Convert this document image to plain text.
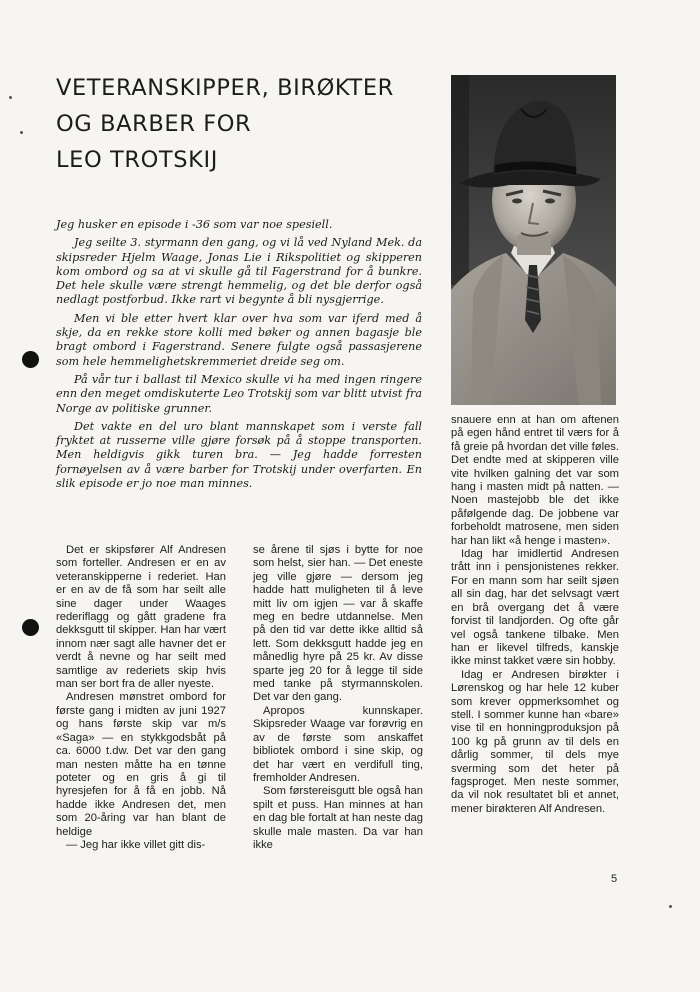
VETERANSKIPPER, BIRØKTER
OG BARBER FOR
LEO TROTSKIJ

Jeg husker en episode i -36 som var noe spesiell.

Jeg seilte 3. styrmann den gang, og vi lå ved Nyland Mek. da skipsreder Hjelm Waage, Jonas Lie i Rikspolitiet og skipperen kom ombord og sa at vi skulle gå til Fagerstrand for å bunkre. Det hele skulle være strengt hemmelig, og det ble derfor også nedlagt postforbud. Ikke rart vi begynte å bli nysgjerrige.

Men vi ble etter hvert klar over hva som var iferd med å skje, da en rekke store kolli med bøker og annen bagasje ble bragt ombord i Fagerstrand. Senere fulgte også passasjerene som hele hemmelighetskremmeriet dreide seg om.

På vår tur i ballast til Mexico skulle vi ha med ingen ringere enn den meget omdiskuterte Leo Trotskij som var blitt utvist fra Norge av politiske grunner.

Det vakte en del uro blant mannskapet som i verste fall fryktet at russerne ville gjøre forsøk på å stoppe transporten. Men heldigvis gikk turen bra. — Jeg hadde forresten fornøyelsen av å være barber for Trotskij under overfarten. En slik episode er jo noe man minnes.

Det er skipsfører Alf Andresen som forteller. Andresen er en av veteranskipperne i rederiet. Han er en av de få som har seilt alle sine dager under Waages rederiflagg og gått gradene fra dekksgutt til skipper. Han har vært innom nær sagt alle havner det er verdt å nevne og har seilt med samtlige av rederiets skip hvis man ser bort fra de aller nyeste.

Andresen mønstret ombord for første gang i midten av juni 1927 og hans første skip var m/s «Saga» — en stykkgodsbåt på ca. 6000 t.dw. Det var den gang man nesten måtte ha en tønne poteter og en gris å gi til hyresjefen for å få en jobb. Nå hadde ikke Andresen det, men som 20-åring var han blant de heldige

— Jeg har ikke villet gitt dis-

se årene til sjøs i bytte for noe som helst, sier han. — Det eneste jeg ville gjøre — dersom jeg hadde hatt muligheten til å leve mitt liv om igjen — var å skaffe meg en bedre utdannelse. Men på den tid var dette ikke alltid så lett. Som dekksgutt hadde jeg en månedlig hyre på 25 kr. Av disse sparte jeg 20 for å legge til side med tanke på styrmannskolen. Det var den gang.

Apropos kunnskaper. Skipsreder Waage var forøvrig en av de første som anskaffet bibliotek ombord i sine skip, og det har vært en verdifull ting, fremholder Andresen.

Som førstereisgutt ble også han spilt et puss. Han minnes at han en dag ble fortalt at han neste dag skulle male masten. Da var han ikke

snauere enn at han om aftenen på egen hånd entret til værs for å få greie på hvordan det ville føles. Det endte med at skipperen ville vite hvilken galning det var som hang i masten midt på natten. — Noen mastejobb ble det ikke påfølgende dag. De jobbene var forbeholdt matrosene, men siden har han likt «å henge i masten».

Idag har imidlertid Andresen trått inn i pensjonistenes rekker. For en mann som har seilt sjøen all sin dag, har det selvsagt vært en brå overgang det å være forvist til landjorden. Og ofte går vel også tankene tilbake. Men han er likevel tilfreds, kanskje ikke minst takket være sin hobby.

Idag er Andresen birøkter i Lørenskog og har hele 12 kuber som krever oppmerksomhet og stell. I sommer kunne han «bare» vise til en honningproduksjon på 100 kg på grunn av til dels en dårlig sommer, til dels mye sverming som det heter på fagsproget. Men neste sommer, da vil nok resultatet bli et annet, mener birøkteren Alf Andresen.

5
